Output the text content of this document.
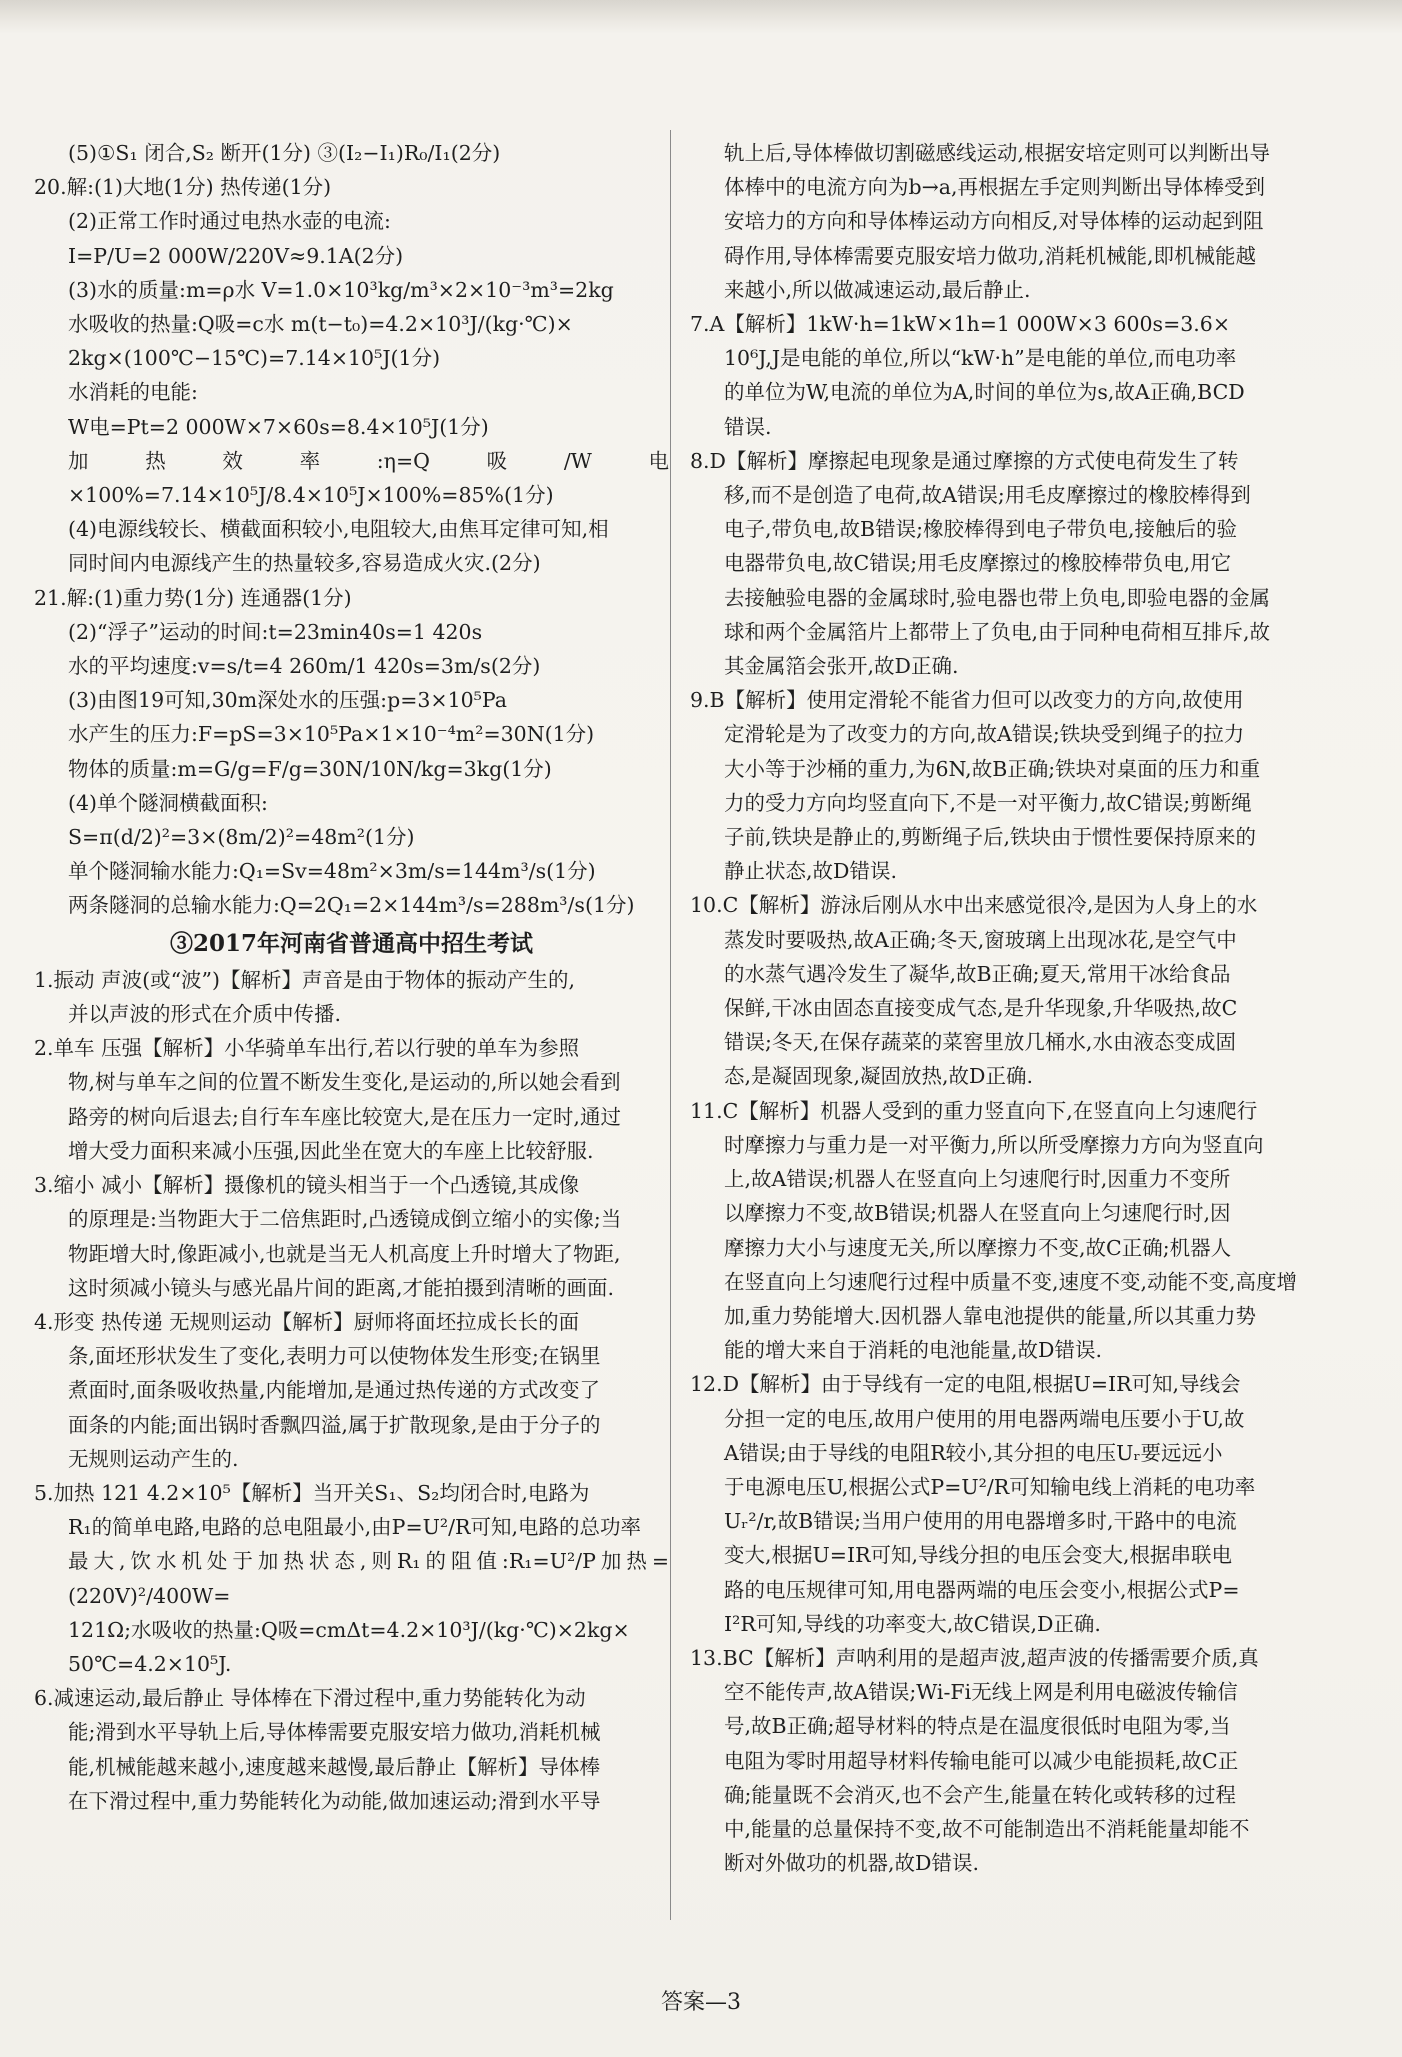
(5)①S₁ 闭合,S₂ 断开(1分) ③(I₂−I₁)R₀/I₁(2分)

20.解:(1)大地(1分) 热传递(1分)

(2)正常工作时通过电热水壶的电流:

I=P/U=2 000W/220V≈9.1A(2分)

(3)水的质量:m=ρ水 V=1.0×10³kg/m³×2×10⁻³m³=2kg

水吸收的热量:Q吸=c水 m(t−t₀)=4.2×10³J/(kg·℃)×

2kg×(100℃−15℃)=7.14×10⁵J(1分)

水消耗的电能:

W电=Pt=2 000W×7×60s=8.4×10⁵J(1分)

加热效率:η=Q吸/W电×100%=7.14×10⁵J/8.4×10⁵J×100%=85%(1分)

(4)电源线较长、横截面积较小,电阻较大,由焦耳定律可知,相

同时间内电源线产生的热量较多,容易造成火灾.(2分)

21.解:(1)重力势(1分) 连通器(1分)

(2)“浮子”运动的时间:t=23min40s=1 420s

水的平均速度:v=s/t=4 260m/1 420s=3m/s(2分)

(3)由图19可知,30m深处水的压强:p=3×10⁵Pa

水产生的压力:F=pS=3×10⁵Pa×1×10⁻⁴m²=30N(1分)

物体的质量:m=G/g=F/g=30N/10N/kg=3kg(1分)

(4)单个隧洞横截面积:

S=π(d/2)²=3×(8m/2)²=48m²(1分)

单个隧洞输水能力:Q₁=Sv=48m²×3m/s=144m³/s(1分)

两条隧洞的总输水能力:Q=2Q₁=2×144m³/s=288m³/s(1分)

③2017年河南省普通高中招生考试

1.振动 声波(或“波”)【解析】声音是由于物体的振动产生的,

并以声波的形式在介质中传播.

2.单车 压强【解析】小华骑单车出行,若以行驶的单车为参照

物,树与单车之间的位置不断发生变化,是运动的,所以她会看到

路旁的树向后退去;自行车车座比较宽大,是在压力一定时,通过

增大受力面积来减小压强,因此坐在宽大的车座上比较舒服.

3.缩小 减小【解析】摄像机的镜头相当于一个凸透镜,其成像

的原理是:当物距大于二倍焦距时,凸透镜成倒立缩小的实像;当

物距增大时,像距减小,也就是当无人机高度上升时增大了物距,

这时须减小镜头与感光晶片间的距离,才能拍摄到清晰的画面.

4.形变 热传递 无规则运动【解析】厨师将面坯拉成长长的面

条,面坯形状发生了变化,表明力可以使物体发生形变;在锅里

煮面时,面条吸收热量,内能增加,是通过热传递的方式改变了

面条的内能;面出锅时香飘四溢,属于扩散现象,是由于分子的

无规则运动产生的.

5.加热 121 4.2×10⁵【解析】当开关S₁、S₂均闭合时,电路为

R₁的简单电路,电路的总电阻最小,由P=U²/R可知,电路的总功率

最大,饮水机处于加热状态,则R₁的阻值:R₁=U²/P加热=(220V)²/400W=

121Ω;水吸收的热量:Q吸=cmΔt=4.2×10³J/(kg·℃)×2kg×

50℃=4.2×10⁵J.

6.减速运动,最后静止 导体棒在下滑过程中,重力势能转化为动

能;滑到水平导轨上后,导体棒需要克服安培力做功,消耗机械

能,机械能越来越小,速度越来越慢,最后静止【解析】导体棒

在下滑过程中,重力势能转化为动能,做加速运动;滑到水平导

轨上后,导体棒做切割磁感线运动,根据安培定则可以判断出导

体棒中的电流方向为b→a,再根据左手定则判断出导体棒受到

安培力的方向和导体棒运动方向相反,对导体棒的运动起到阻

碍作用,导体棒需要克服安培力做功,消耗机械能,即机械能越

来越小,所以做减速运动,最后静止.

7.A【解析】1kW·h=1kW×1h=1 000W×3 600s=3.6×

10⁶J,J是电能的单位,所以“kW·h”是电能的单位,而电功率

的单位为W,电流的单位为A,时间的单位为s,故A正确,BCD

错误.

8.D【解析】摩擦起电现象是通过摩擦的方式使电荷发生了转

移,而不是创造了电荷,故A错误;用毛皮摩擦过的橡胶棒得到

电子,带负电,故B错误;橡胶棒得到电子带负电,接触后的验

电器带负电,故C错误;用毛皮摩擦过的橡胶棒带负电,用它

去接触验电器的金属球时,验电器也带上负电,即验电器的金属

球和两个金属箔片上都带上了负电,由于同种电荷相互排斥,故

其金属箔会张开,故D正确.

9.B【解析】使用定滑轮不能省力但可以改变力的方向,故使用

定滑轮是为了改变力的方向,故A错误;铁块受到绳子的拉力

大小等于沙桶的重力,为6N,故B正确;铁块对桌面的压力和重

力的受力方向均竖直向下,不是一对平衡力,故C错误;剪断绳

子前,铁块是静止的,剪断绳子后,铁块由于惯性要保持原来的

静止状态,故D错误.

10.C【解析】游泳后刚从水中出来感觉很冷,是因为人身上的水

蒸发时要吸热,故A正确;冬天,窗玻璃上出现冰花,是空气中

的水蒸气遇冷发生了凝华,故B正确;夏天,常用干冰给食品

保鲜,干冰由固态直接变成气态,是升华现象,升华吸热,故C

错误;冬天,在保存蔬菜的菜窖里放几桶水,水由液态变成固

态,是凝固现象,凝固放热,故D正确.

11.C【解析】机器人受到的重力竖直向下,在竖直向上匀速爬行

时摩擦力与重力是一对平衡力,所以所受摩擦力方向为竖直向

上,故A错误;机器人在竖直向上匀速爬行时,因重力不变所

以摩擦力不变,故B错误;机器人在竖直向上匀速爬行时,因

摩擦力大小与速度无关,所以摩擦力不变,故C正确;机器人

在竖直向上匀速爬行过程中质量不变,速度不变,动能不变,高度增

加,重力势能增大.因机器人靠电池提供的能量,所以其重力势

能的增大来自于消耗的电池能量,故D错误.

12.D【解析】由于导线有一定的电阻,根据U=IR可知,导线会

分担一定的电压,故用户使用的用电器两端电压要小于U,故

A错误;由于导线的电阻R较小,其分担的电压Uᵣ要远远小

于电源电压U,根据公式P=U²/R可知输电线上消耗的电功率

Uᵣ²/r,故B错误;当用户使用的用电器增多时,干路中的电流

变大,根据U=IR可知,导线分担的电压会变大,根据串联电

路的电压规律可知,用电器两端的电压会变小,根据公式P=

I²R可知,导线的功率变大,故C错误,D正确.

13.BC【解析】声呐利用的是超声波,超声波的传播需要介质,真

空不能传声,故A错误;Wi-Fi无线上网是利用电磁波传输信

号,故B正确;超导材料的特点是在温度很低时电阻为零,当

电阻为零时用超导材料传输电能可以减少电能损耗,故C正

确;能量既不会消灭,也不会产生,能量在转化或转移的过程

中,能量的总量保持不变,故不可能制造出不消耗能量却能不

断对外做功的机器,故D错误.

答案—3
